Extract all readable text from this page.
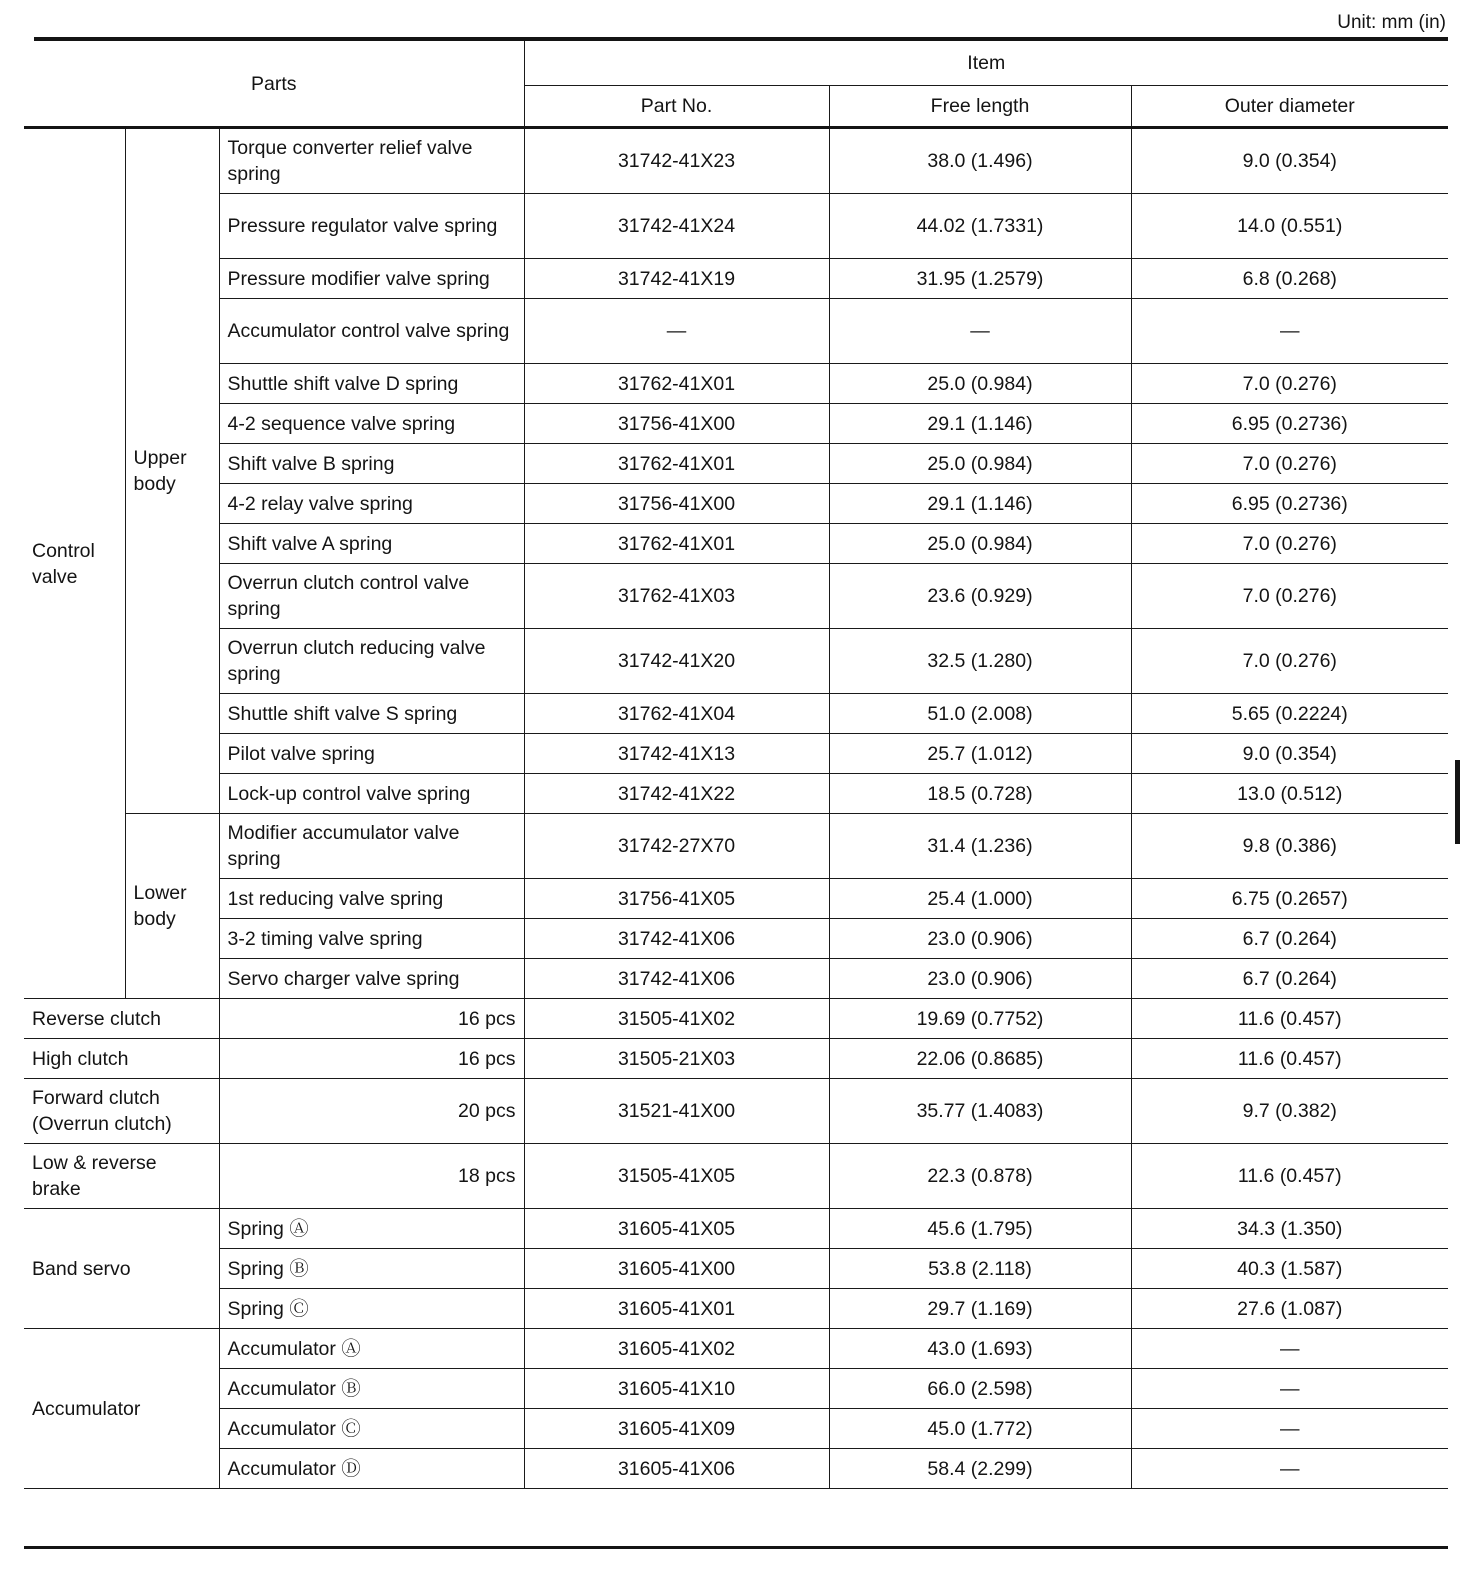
Unit: mm (in)
Parts			Item		
			Part No.	Free length	Outer diameter
Control valve	Upper body	Torque converter relief valve spring	31742-41X23	38.0 (1.496)	9.0 (0.354)
		Pressure regulator valve spring	31742-41X24	44.02 (1.7331)	14.0 (0.551)
		Pressure modifier valve spring	31742-41X19	31.95 (1.2579)	6.8 (0.268)
		Accumulator control valve spring	—	—	—
		Shuttle shift valve D spring	31762-41X01	25.0 (0.984)	7.0 (0.276)
		4-2 sequence valve spring	31756-41X00	29.1 (1.146)	6.95 (0.2736)
		Shift valve B spring	31762-41X01	25.0 (0.984)	7.0 (0.276)
		4-2 relay valve spring	31756-41X00	29.1 (1.146)	6.95 (0.2736)
		Shift valve A spring	31762-41X01	25.0 (0.984)	7.0 (0.276)
		Overrun clutch control valve spring	31762-41X03	23.6 (0.929)	7.0 (0.276)
		Overrun clutch reducing valve spring	31742-41X20	32.5 (1.280)	7.0 (0.276)
		Shuttle shift valve S spring	31762-41X04	51.0 (2.008)	5.65 (0.2224)
		Pilot valve spring	31742-41X13	25.7 (1.012)	9.0 (0.354)
		Lock-up control valve spring	31742-41X22	18.5 (0.728)	13.0 (0.512)
	Lower body	Modifier accumulator valve spring	31742-27X70	31.4 (1.236)	9.8 (0.386)
		1st reducing valve spring	31756-41X05	25.4 (1.000)	6.75 (0.2657)
		3-2 timing valve spring	31742-41X06	23.0 (0.906)	6.7 (0.264)
		Servo charger valve spring	31742-41X06	23.0 (0.906)	6.7 (0.264)
Reverse clutch		16 pcs	31505-41X02	19.69 (0.7752)	11.6 (0.457)
High clutch		16 pcs	31505-21X03	22.06 (0.8685)	11.6 (0.457)
Forward clutch (Overrun clutch)		20 pcs	31521-41X00	35.77 (1.4083)	9.7 (0.382)
Low & reverse brake		18 pcs	31505-41X05	22.3 (0.878)	11.6 (0.457)
Band servo		Spring Ⓐ	31605-41X05	45.6 (1.795)	34.3 (1.350)
		Spring Ⓑ	31605-41X00	53.8 (2.118)	40.3 (1.587)
		Spring Ⓒ	31605-41X01	29.7 (1.169)	27.6 (1.087)
Accumulator		Accumulator Ⓐ	31605-41X02	43.0 (1.693)	—
		Accumulator Ⓑ	31605-41X10	66.0 (2.598)	—
		Accumulator Ⓒ	31605-41X09	45.0 (1.772)	—
		Accumulator Ⓓ	31605-41X06	58.4 (2.299)	—
